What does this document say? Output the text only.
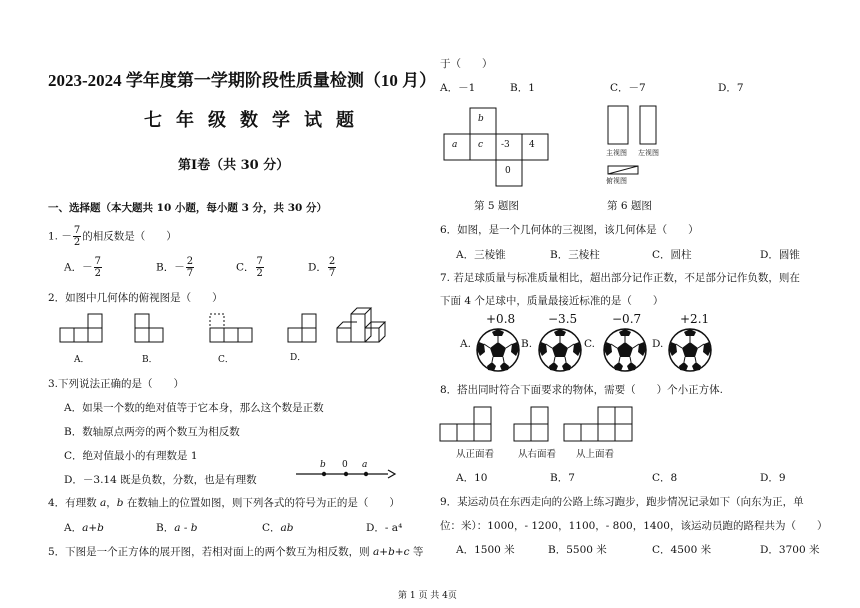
2023-2024 学年度第一学期阶段性质量检测（10 月）
七年级数学试题
第Ⅰ卷（共 30 分）
一、选择题（本大题共 10 小题，每小题 3 分，共 30 分）
1. － $\frac{7}{2}$ 的相反数是（　　）
A．－ $\frac{7}{2}$	B．－ $\frac{2}{7}$	C． $\frac{7}{2}$	D． $\frac{2}{7}$
2．如图中几何体的俯视图是（　　）
A．	B．	C．	D．
3.下列说法正确的是（　　）
A．如果一个数的绝对值等于它本身，那么这个数是正数
B．数轴原点两旁的两个数互为相反数
C．绝对值最小的有理数是 1
D．－3.14 既是负数，分数，也是有理数
b 0 a
4．有理数 a，b 在数轴上的位置如图，则下列各式的符号为正的是（　　）
A．a+b	B．a - b	C．ab	D．- a⁴
5．下图是一个正方体的展开图，若相对面上的两个数互为相反数，则 a+b+c 等
于（　　）
A．－1	B．1	C．－7	D．7
b
a c -3 4
0
第 5 题图
主视图 左视图
俯视图
第 6 题图
6．如图，是一个几何体的三视图，该几何体是（　　）
A．三棱锥	B．三棱柱	C．圆柱	D．圆锥
7. 若足球质量与标准质量相比，超出部分记作正数，不足部分记作负数，则在
下面 4 个足球中，质量最接近标准的是（　　）
+0.8	−3.5	−0.7	+2.1
A.	B.	C.	D.
8．搭出同时符合下面要求的物体，需要（　　）个小正方体.
从正面看	从右面看 从上面看
A．10	B．7	C．8	D．9
9．某运动员在东西走向的公路上练习跑步，跑步情况记录如下（向东为正，单
位：米）：1000，- 1200，1100，- 800，1400，该运动员跑的路程共为（　　）
A．1500 米	B．5500 米	C．4500 米	D．3700 米
第 1 页 共 4页
